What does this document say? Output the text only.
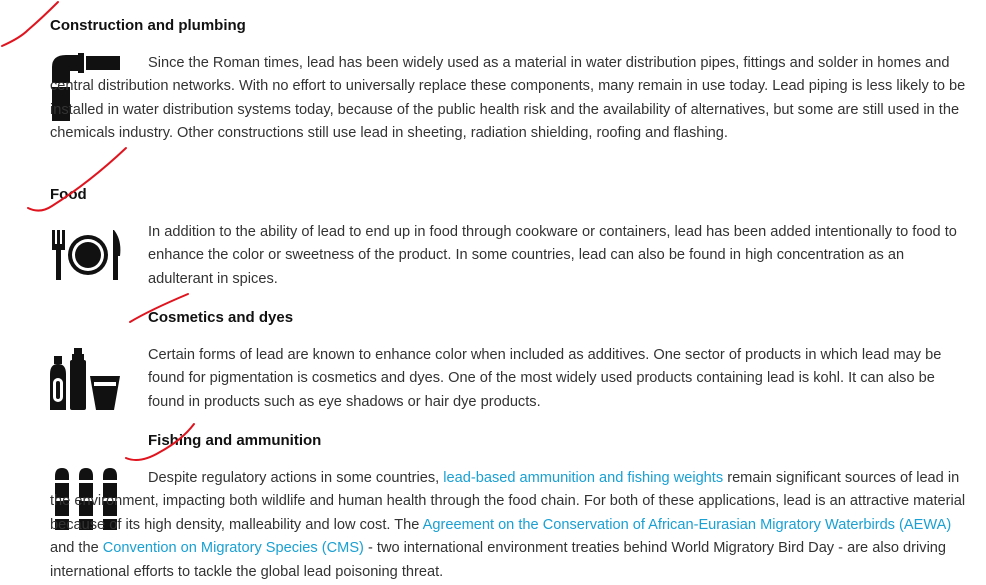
Construction and plumbing

Since the Roman times, lead has been widely used as a material in water distribution pipes, fittings and solder in homes and central distribution networks. With no effort to universally replace these components, many remain in use today. Lead piping is less likely to be installed in water distribution systems today, because of the public health risk and the availability of alternatives, but some are still used in the chemicals industry. Other constructions still use lead in sheeting, radiation shielding, roofing and flashing.

Food

In addition to the ability of lead to end up in food through cookware or containers, lead has been added intentionally to food to enhance the color or sweetness of the product. In some countries, lead can also be found in high concentration as an adulterant in spices.

Cosmetics and dyes

Certain forms of lead are known to enhance color when included as additives. One sector of products in which lead may be found for pigmentation is cosmetics and dyes. One of the most widely used products containing lead is kohl. It can also be found in products such as eye shadows or hair dye products.

Fishing and ammunition

Despite regulatory actions in some countries, lead-based ammunition and fishing weights remain significant sources of lead in the environment, impacting both wildlife and human health through the food chain. For both of these applications, lead is an attractive material because of its high density, malleability and low cost. The Agreement on the Conservation of African-Eurasian Migratory Waterbirds (AEWA) and the Convention on Migratory Species (CMS) - two international environment treaties behind World Migratory Bird Day - are also driving international efforts to tackle the global lead poisoning threat.
